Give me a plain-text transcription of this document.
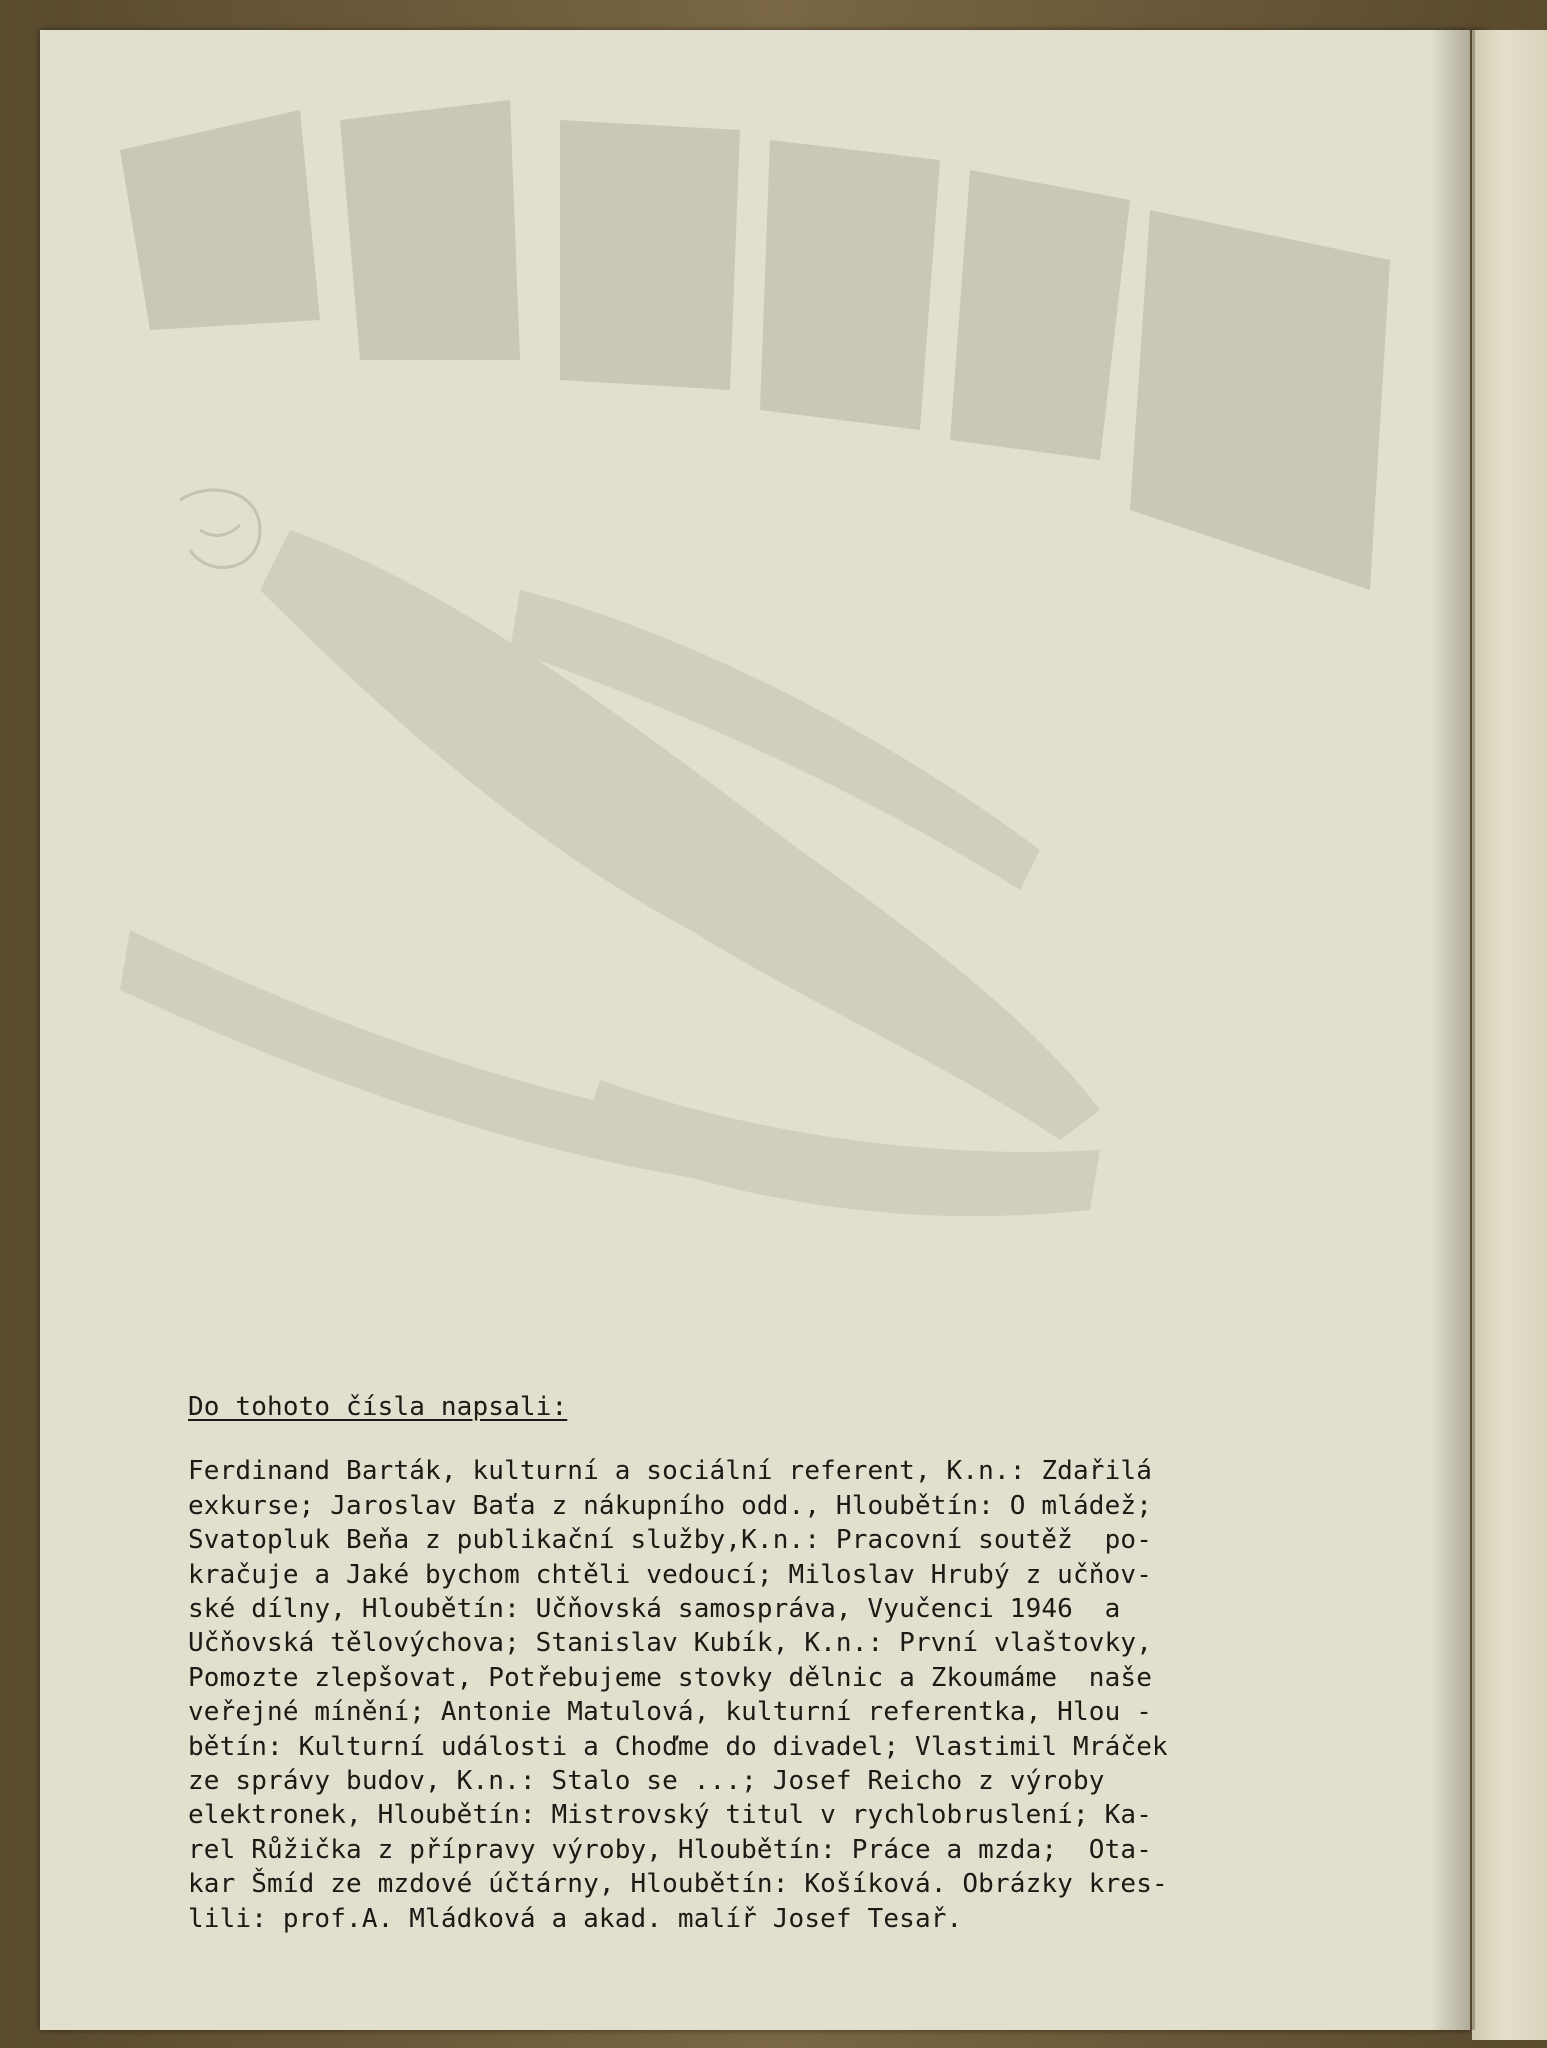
Do tohoto čísla napsali:
Ferdinand Barták, kulturní a sociální referent, K.n.: Zdařilá
exkurse; Jaroslav Baťa z nákupního odd., Hloubětín: O mládež;
Svatopluk Beňa z publikační služby,K.n.: Pracovní soutěž  po-
kračuje a Jaké bychom chtěli vedoucí; Miloslav Hrubý z učňov-
ské dílny, Hloubětín: Učňovská samospráva, Vyučenci 1946  a
Učňovská tělovýchova; Stanislav Kubík, K.n.: První vlaštovky,
Pomozte zlepšovat, Potřebujeme stovky dělnic a Zkoumáme  naše
veřejné mínění; Antonie Matulová, kulturní referentka, Hlou -
bětín: Kulturní události a Choďme do divadel; Vlastimil Mráček
ze správy budov, K.n.: Stalo se ...; Josef Reicho z výroby
elektronek, Hloubětín: Mistrovský titul v rychlobruslení; Ka-
rel Růžička z přípravy výroby, Hloubětín: Práce a mzda;  Ota-
kar Šmíd ze mzdové účtárny, Hloubětín: Košíková. Obrázky kres-
lili: prof.A. Mládková a akad. malíř Josef Tesař.
